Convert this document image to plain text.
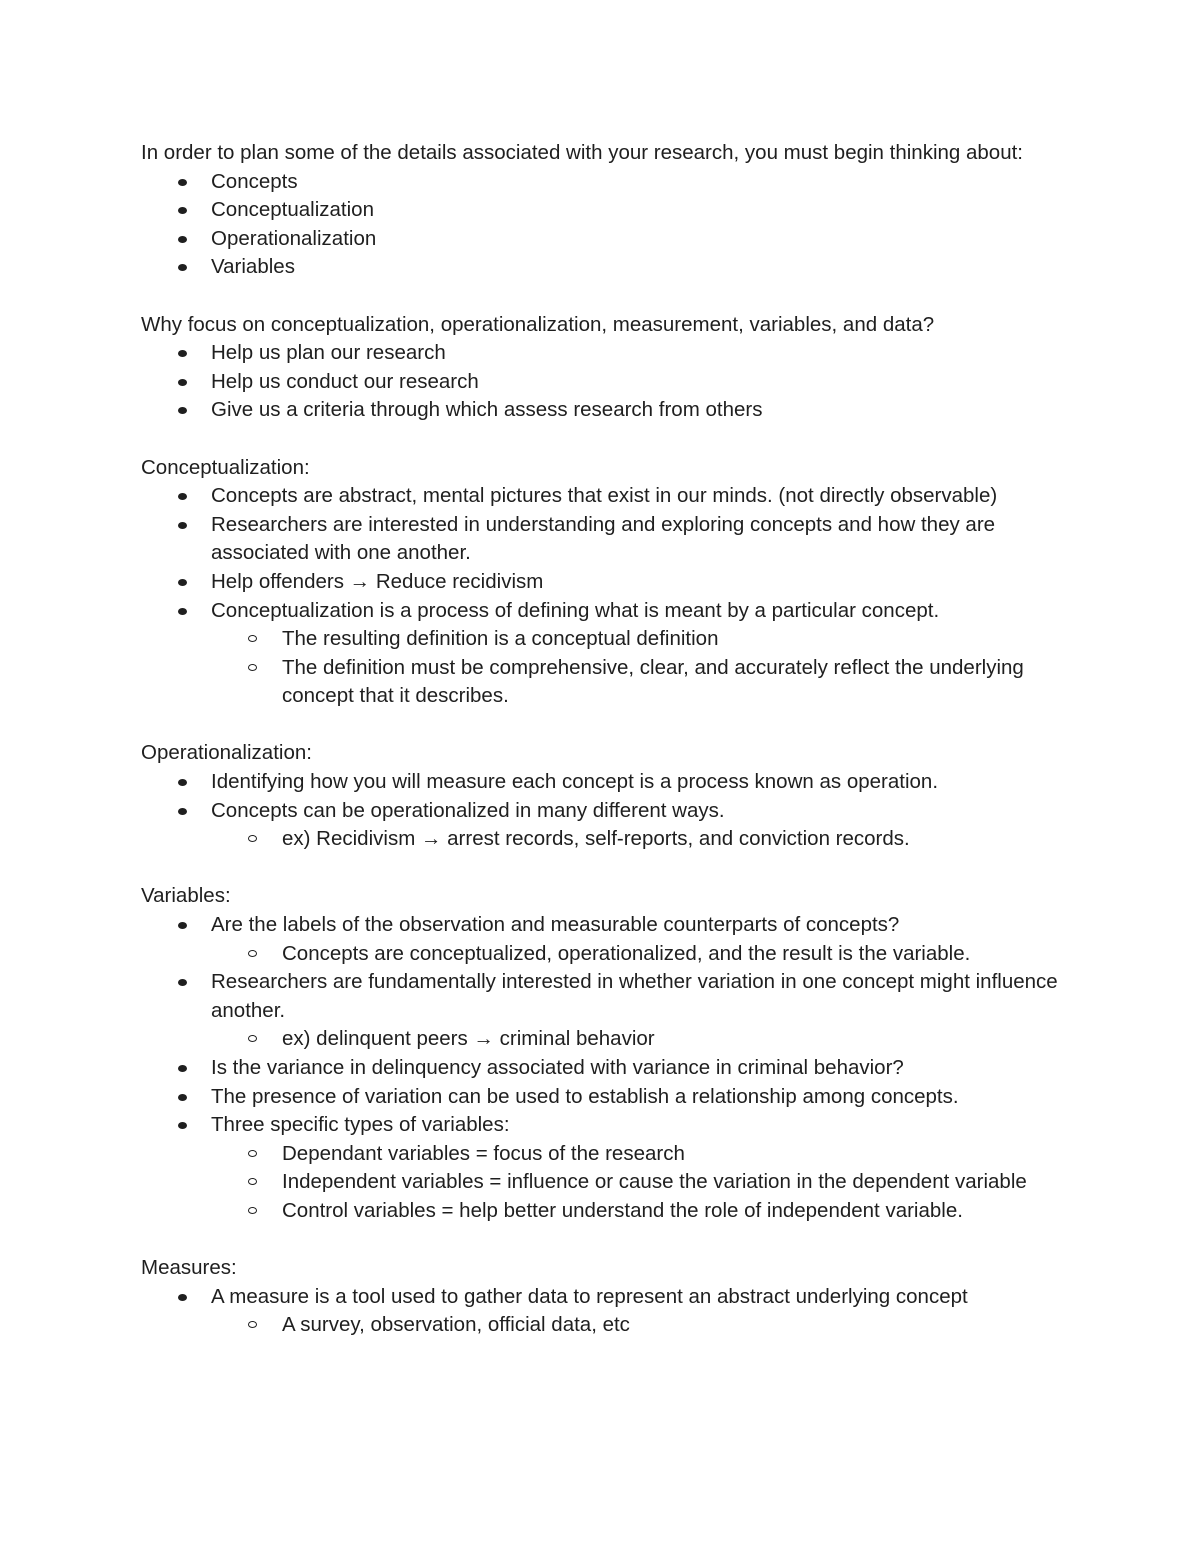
In order to plan some of the details associated with your research, you must begin thinking about:

Concepts
Conceptualization
Operationalization
Variables

Why focus on conceptualization, operationalization, measurement, variables, and data?

Help us plan our research
Help us conduct our research
Give us a criteria through which assess research from others

Conceptualization:

Concepts are abstract, mental pictures that exist in our minds. (not directly observable)
Researchers are interested in understanding and exploring concepts and how they are associated with one another.
Help offenders → Reduce recidivism
Conceptualization is a process of defining what is meant by a particular concept.
The resulting definition is a conceptual definition
The definition must be comprehensive, clear, and accurately reflect the underlying concept that it describes.

Operationalization:

Identifying how you will measure each concept is a process known as operation.
Concepts can be operationalized in many different ways.
ex) Recidivism → arrest records, self-reports, and conviction records.

Variables:

Are the labels of the observation and measurable counterparts of concepts?
Concepts are conceptualized, operationalized, and the result is the variable.
Researchers are fundamentally interested in whether variation in one concept might influence another.
ex) delinquent peers → criminal behavior
Is the variance in delinquency associated with variance in criminal behavior?
The presence of variation can be used to establish a relationship among concepts.
Three specific types of variables:
Dependant variables = focus of the research
Independent variables = influence or cause the variation in the dependent variable
Control variables = help better understand the role of independent variable.

Measures:

A measure is a tool used to gather data to represent an abstract underlying concept
A survey, observation, official data, etc
